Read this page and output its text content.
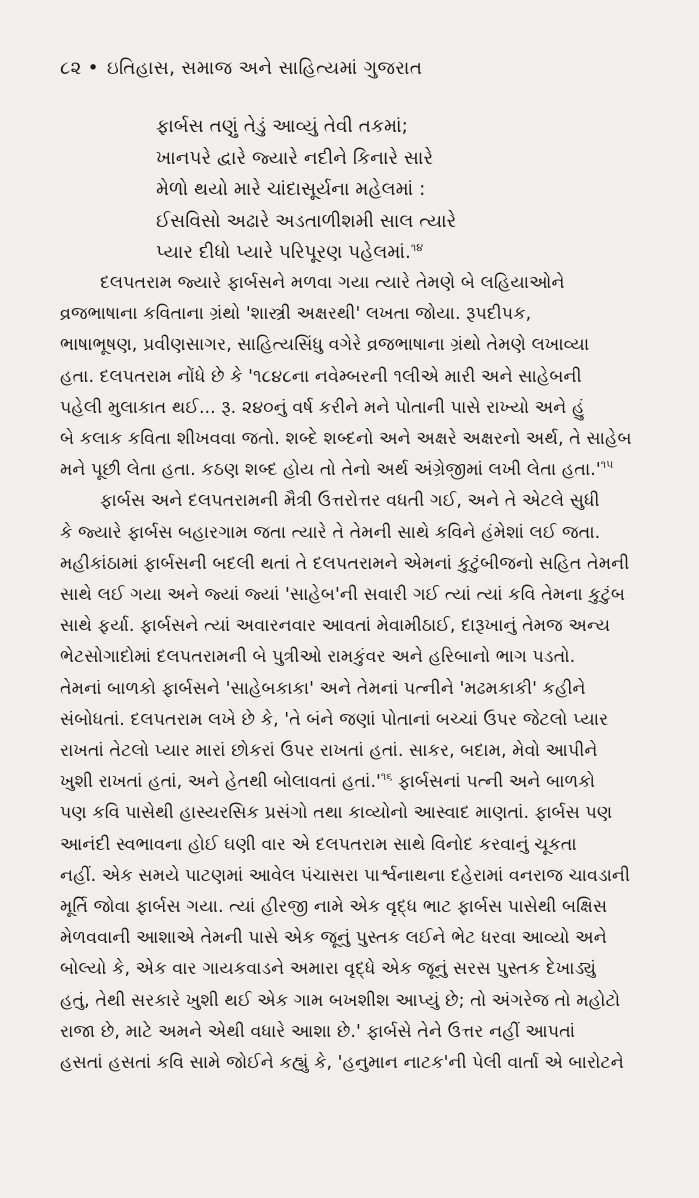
૮૨ • ઇતિહાસ, સમાજ અને સાહિત્યમાં ગુજરાત
ફાર્બસ તણું તેડું આવ્યું તેવી તકમાં;
ખાનપરે દ્વારે જ્યારે નદીને કિનારે સારે
મેળો થયો મારે ચાંદાસૂર્યના મહેલમાં :
ઈસવિસો અઢારે અડતાળીશમી સાલ ત્યારે
પ્યાર દીધો પ્યારે પરિપૂરણ પહેલમાં.$^{૧૪}$
દલપતરામ જ્યારે ફાર્બસને મળવા ગયા ત્યારે તેમણે બે લહિયાઓને
વ્રજભાષાના કવિતાના ગ્રંથો 'શાસ્ત્રી અક્ષરથી' લખતા જોયા. રૂપદીપક,
ભાષાભૂષણ, પ્રવીણસાગર, સાહિત્યસિંધુ વગેરે વ્રજભાષાના ગ્રંથો તેમણે લખાવ્યા
હતા. દલપતરામ નોંધે છે કે '૧૮૪૮ના નવેમ્બરની ૧લીએ મારી અને સાહેબની
પહેલી મુલાકાત થઈ... રૂ. ૨૪૦નું વર્ષ કરીને મને પોતાની પાસે રાખ્યો અને હું
બે કલાક કવિતા શીખવવા જતો. શબ્દે શબ્દનો અને અક્ષરે અક્ષરનો અર્થ, તે સાહેબ
મને પૂછી લેતા હતા. કઠણ શબ્દ હોય તો તેનો અર્થ અંગ્રેજીમાં લખી લેતા $હતા.'^{૧૫}$
ફાર્બસ અને દલપતરામની મૈત્રી ઉત્તરોત્તર વધતી ગઈ, અને તે એટલે સુધી
કે જ્યારે ફાર્બસ બહારગામ જતા ત્યારે તે તેમની સાથે કવિને હંમેશાં લઈ જતા.
મહીકાંઠામાં ફાર્બસની બદલી થતાં તે દલપતરામને એમનાં કુટુંબીજનો સહિત તેમની
સાથે લઈ ગયા અને જ્યાં જ્યાં 'સાહેબ'ની સવારી ગઈ ત્યાં ત્યાં કવિ તેમના કુટુંબ
સાથે ફર્યા. ફાર્બસને ત્યાં અવારનવાર આવતાં મેવામીઠાઈ, દારૂખાનું તેમજ અન્ય
ભેટસોગાદોમાં દલપતરામની બે પુત્રીઓ રામકુંવર અને હરિબાનો ભાગ પડતો.
તેમનાં બાળકો ફાર્બસને 'સાહેબકાકા' અને તેમનાં પત્નીને 'મઢમકાકી' કહીને
સંબોધતાં. દલપતરામ લખે છે કે, 'તે બંને જણાં પોતાનાં બચ્ચાં ઉપર જેટલો પ્યાર
રાખતાં તેટલો પ્યાર મારાં છોકરાં ઉપર રાખતાં હતાં. સાકર, બદામ, મેવો આપીને
ખુશી રાખતાં હતાં, અને હેતથી બોલાવતાં $હતાં.'^{૧૬}$ ફાર્બસનાં પત્ની અને બાળકો
પણ કવિ પાસેથી હાસ્યરસિક પ્રસંગો તથા કાવ્યોનો આસ્વાદ માણતાં. ફાર્બસ પણ
આનંદી સ્વભાવના હોઈ ઘણી વાર એ દલપતરામ સાથે વિનોદ કરવાનું ચૂકતા
નહીં. એક સમયે પાટણમાં આવેલ પંચાસરા પાર્શ્વનાથના દહેરામાં વનરાજ ચાવડાની
મૂર્તિ જોવા ફાર્બસ ગયા. ત્યાં હીરજી નામે એક વૃદ્ધ ભાટ ફાર્બસ પાસેથી બક્ષિસ
મેળવવાની આશાએ તેમની પાસે એક જૂનું પુસ્તક લઈને ભેટ ધરવા આવ્યો અને
બોલ્યો કે, એક વાર ગાયકવાડને અમારા વૃદ્ધે એક જૂનું સરસ પુસ્તક દેખાડ્યું
હતું, તેથી સરકારે ખુશી થઈ એક ગામ બખશીશ આપ્યું છે; તો અંગરેજ તો મહોટો
રાજા છે, માટે અમને એથી વધારે આશા છે.' ફાર્બસે તેને ઉત્તર નહીં આપતાં
હસતાં હસતાં કવિ સામે જોઈને કહ્યું કે, 'હનુમાન નાટક'ની પેલી વાર્તા એ બારોટને
